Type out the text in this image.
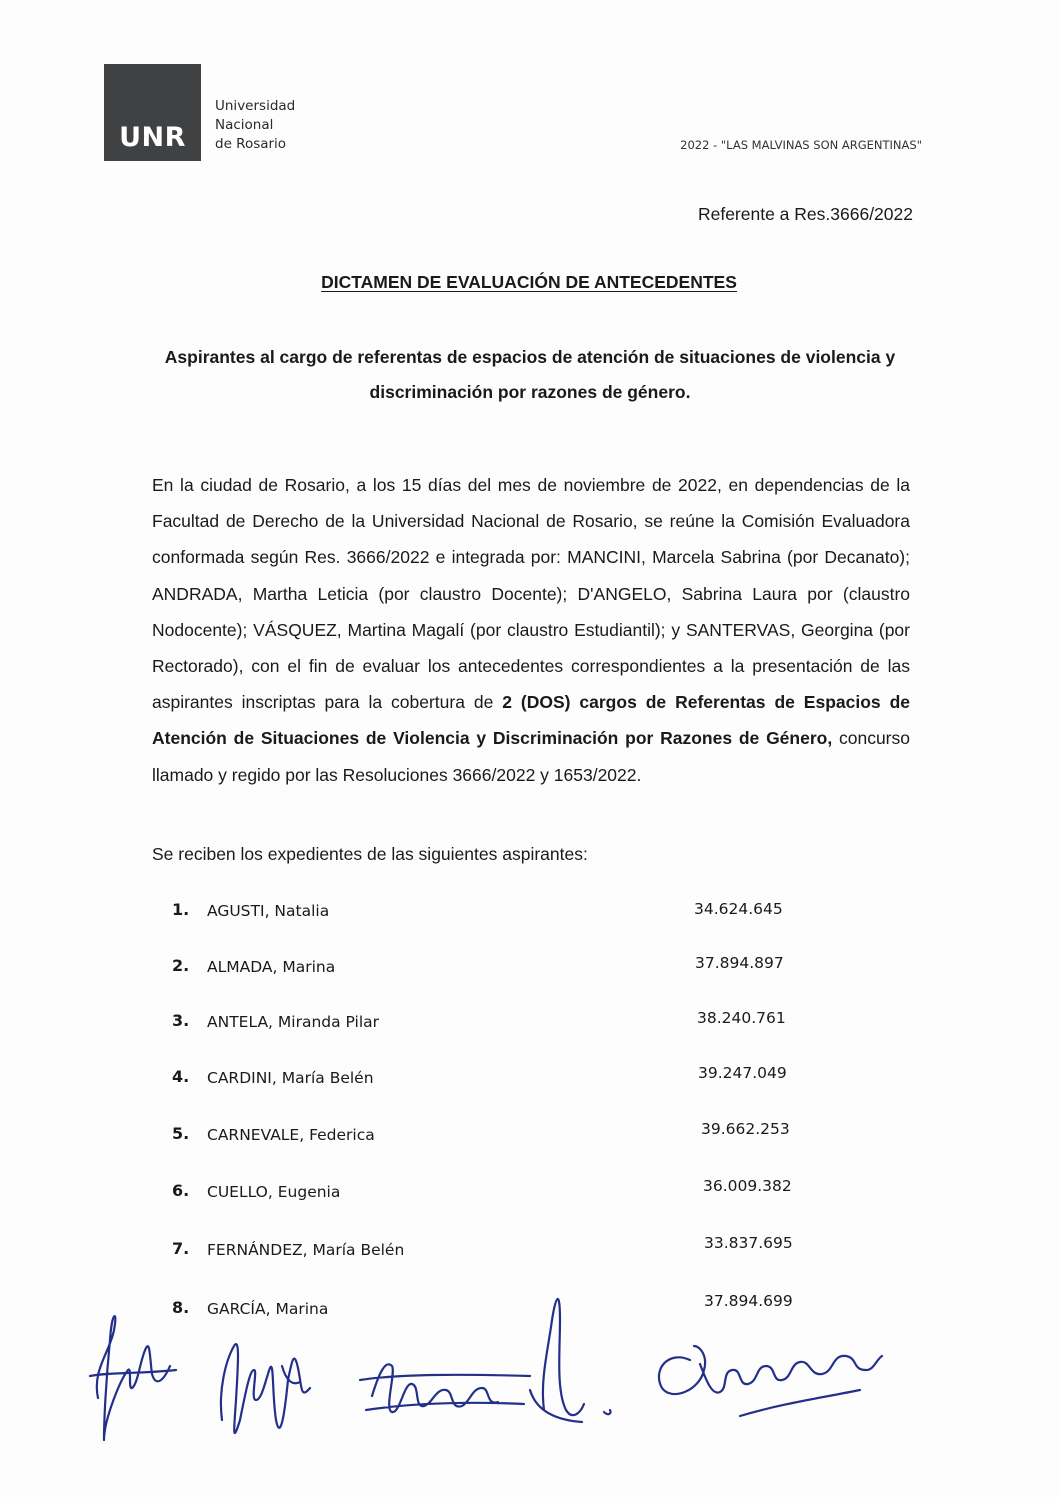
UNR
Universidad
Nacional
de Rosario	2022 - "LAS MALVINAS SON ARGENTINAS"
Referente a Res.3666/2022
DICTAMEN DE EVALUACIÓN DE ANTECEDENTES
Aspirantes al cargo de referentas de espacios de atención de situaciones de violencia y discriminación por razones de género.
En la ciudad de Rosario, a los 15 días del mes de noviembre de 2022, en dependencias de la Facultad de Derecho de la Universidad Nacional de Rosario, se reúne la Comisión Evaluadora conformada según Res. 3666/2022 e integrada por: MANCINI, Marcela Sabrina (por Decanato); ANDRADA, Martha Leticia (por claustro Docente); D'ANGELO, Sabrina Laura por (claustro Nodocente); VÁSQUEZ, Martina Magalí (por claustro Estudiantil); y SANTERVAS, Georgina (por Rectorado), con el fin de evaluar los antecedentes correspondientes a la presentación de las aspirantes inscriptas para la cobertura de 2 (DOS) cargos de Referentas de Espacios de Atención de Situaciones de Violencia y Discriminación por Razones de Género, concurso llamado y regido por las Resoluciones 3666/2022 y 1653/2022.
Se reciben los expedientes de las siguientes aspirantes:
1. AGUSTI, Natalia	34.624.645
2. ALMADA, Marina	37.894.897
3. ANTELA, Miranda Pilar	38.240.761
4. CARDINI, María Belén	39.247.049
5. CARNEVALE, Federica	39.662.253
6. CUELLO, Eugenia	36.009.382
7. FERNÁNDEZ, María Belén	33.837.695
8. GARCÍA, Marina	37.894.699
